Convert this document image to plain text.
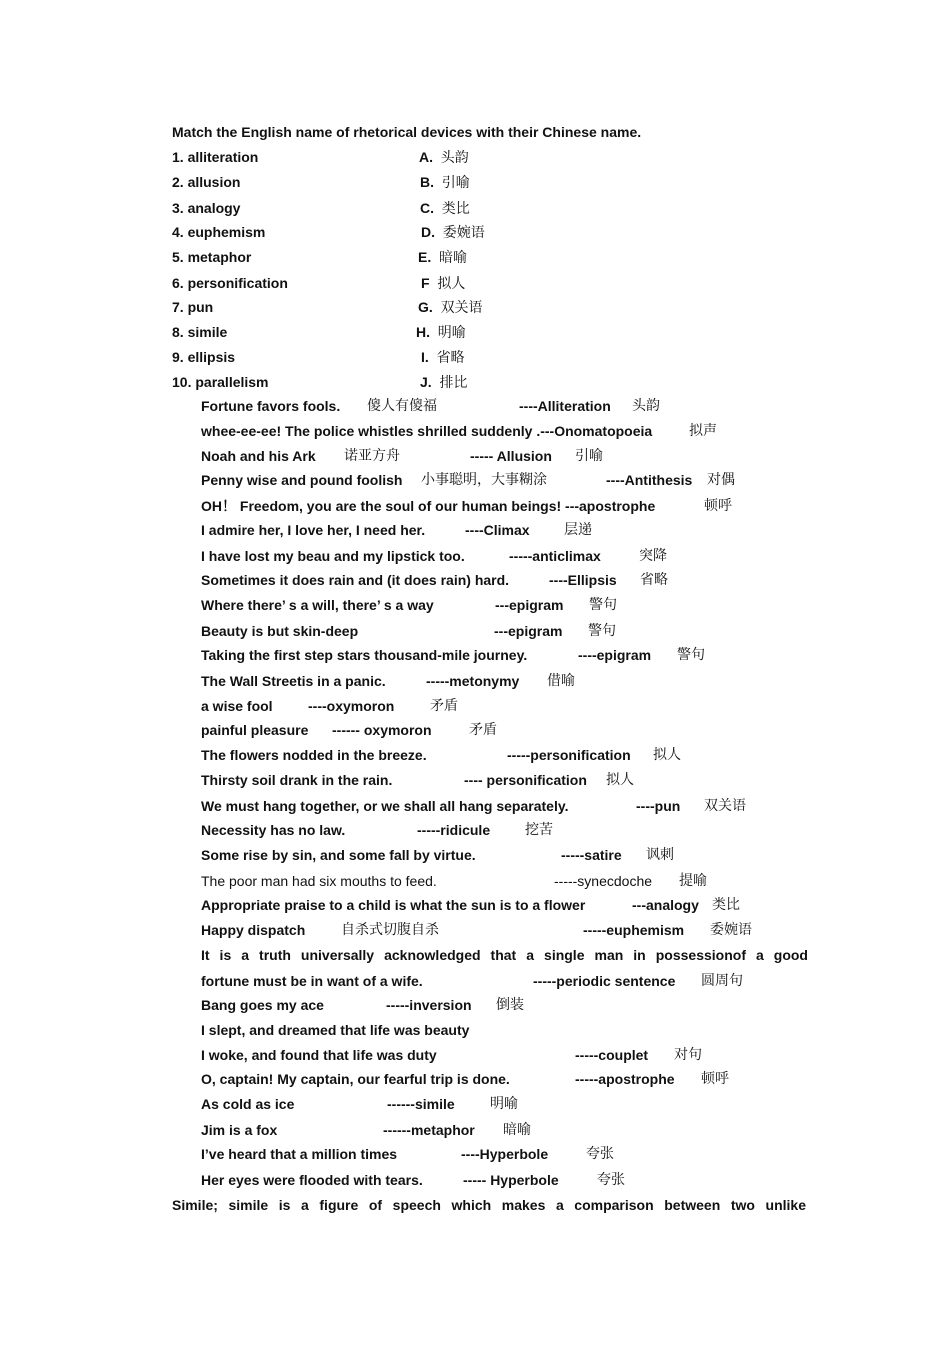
Match the English name of rhetorical devices with their Chinese name.
1. alliteration	A. 头韵
2. allusion	B. 引喻
3. analogy	C. 类比
4. euphemism	D. 委婉语
5. metaphor	E. 暗喻
6. personification	F 拟人
7. pun	G. 双关语
8. simile	H. 明喻
9. ellipsis	I. 省略
10. parallelism	J. 排比
Fortune favors fools. 傻人有傻福	----Alliteration 头韵
whee-ee-ee! The police whistles shrilled suddenly .---Onomatopoeia	拟声
Noah and his Ark 诺亚方舟	----- Allusion 引喻
Penny wise and pound foolish 小事聪明，大事糊涂	----Antithesis 对偶
OH！ Freedom, you are the soul of our human beings! ---apostrophe	顿呼
I admire her, I love her, I need her.	----Climax 层递
I have lost my beau and my lipstick too.	-----anticlimax	突降
Sometimes it does rain and (it does rain) hard.	----Ellipsis 省略
Where there’ s a will, there’ s a way	---epigram 警句
Beauty is but skin-deep	---epigram 警句
Taking the first step stars thousand-mile journey.	----epigram 警句
The Wall Streetis in a panic.	-----metonymy 借喻
a wise fool	----oxymoron	矛盾
painful pleasure ------ oxymoron	矛盾
The flowers nodded in the breeze.	-----personification 拟人
Thirsty soil drank in the rain.	---- personification 拟人
We must hang together, or we shall all hang separately.	----pun 双关语
Necessity has no law.	-----ridicule 挖苦
Some rise by sin, and some fall by virtue.	-----satire 讽刺
The poor man had six mouths to feed.	-----synecdoche 提喻
Appropriate praise to a child is what the sun is to a flower	---analogy 类比
Happy dispatch	自杀式切腹自杀	-----euphemism 委婉语
It is a truth universally acknowledged that a single man in possessionof a good
fortune must be in want of a wife.	-----periodic sentence 圆周句
Bang goes my ace	-----inversion 倒装
I slept, and dreamed that life was beauty
I woke, and found that life was duty	-----couplet 对句
O, captain! My captain, our fearful trip is done.	-----apostrophe 顿呼
As cold as ice	------simile	明喻
Jim is a fox	------metaphor 暗喻
I’ve heard that a million times	----Hyperbole	夸张
Her eyes were flooded with tears.	----- Hyperbole	夸张
Simile; simile is a figure of speech which makes a comparison between two unlike
